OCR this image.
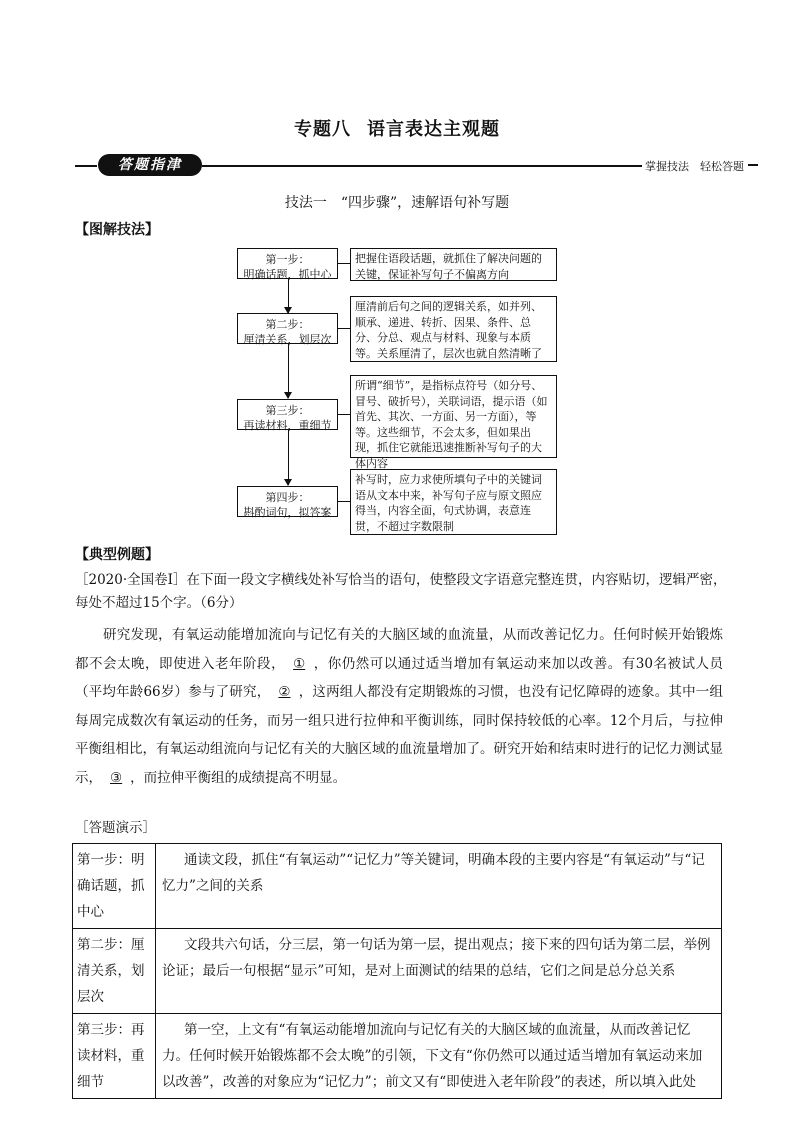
专题八 语言表达主观题
答题指津	掌握技法　轻松答题
技法一　“四步骤”，速解语句补写题
【图解技法】
第一步：
明确话题，抓中心
把握住语段话题，就抓住了解决问题的关键，保证补写句子不偏离方向
第二步：
厘清关系，划层次
厘清前后句之间的逻辑关系，如并列、顺承、递进、转折、因果、条件、总分、分总、观点与材料、现象与本质等。关系厘清了，层次也就自然清晰了
第三步：
再读材料，重细节
所谓“细节”，是指标点符号（如分号、冒号、破折号），关联词语，提示语（如首先、其次、一方面、另一方面），等等。这些细节，不会太多，但如果出现，抓住它就能迅速推断补写句子的大体内容
第四步：
斟酌词句，拟答案
补写时，应力求使所填句子中的关键词语从文本中来，补写句子应与原文照应得当，内容全面，句式协调，表意连贯，不超过字数限制
【典型例题】
［2020·全国卷Ⅰ］在下面一段文字横线处补写恰当的语句，使整段文字语意完整连贯，内容贴切，逻辑严密，每处不超过15个字。（6分）
研究发现，有氧运动能增加流向与记忆有关的大脑区域的血流量，从而改善记忆力。任何时候开始锻炼都不会太晚，即使进入老年阶段， ① ，你仍然可以通过适当增加有氧运动来加以改善。有30名被试人员（平均年龄66岁）参与了研究， ② ，这两组人都没有定期锻炼的习惯，也没有记忆障碍的迹象。其中一组每周完成数次有氧运动的任务，而另一组只进行拉伸和平衡训练，同时保持较低的心率。12个月后，与拉伸平衡组相比，有氧运动组流向与记忆有关的大脑区域的血流量增加了。研究开始和结束时进行的记忆力测试显示， ③ ，而拉伸平衡组的成绩提高不明显。
［答题演示］
第一步：明确话题，抓中心	通读文段，抓住“有氧运动”“记忆力”等关键词，明确本段的主要内容是“有氧运动”与“记忆力”之间的关系
第二步：厘清关系，划层次	文段共六句话，分三层，第一句话为第一层，提出观点；接下来的四句话为第二层，举例论证；最后一句根据“显示”可知，是对上面测试的结果的总结，它们之间是总分总关系
第三步：再读材料，重细节	第一空，上文有“有氧运动能增加流向与记忆有关的大脑区域的血流量，从而改善记忆力。任何时候开始锻炼都不会太晚”的引领，下文有“你仍然可以通过适当增加有氧运动来加以改善”，改善的对象应为“记忆力”；前文又有“即使进入老年阶段”的表述，所以填入此处
